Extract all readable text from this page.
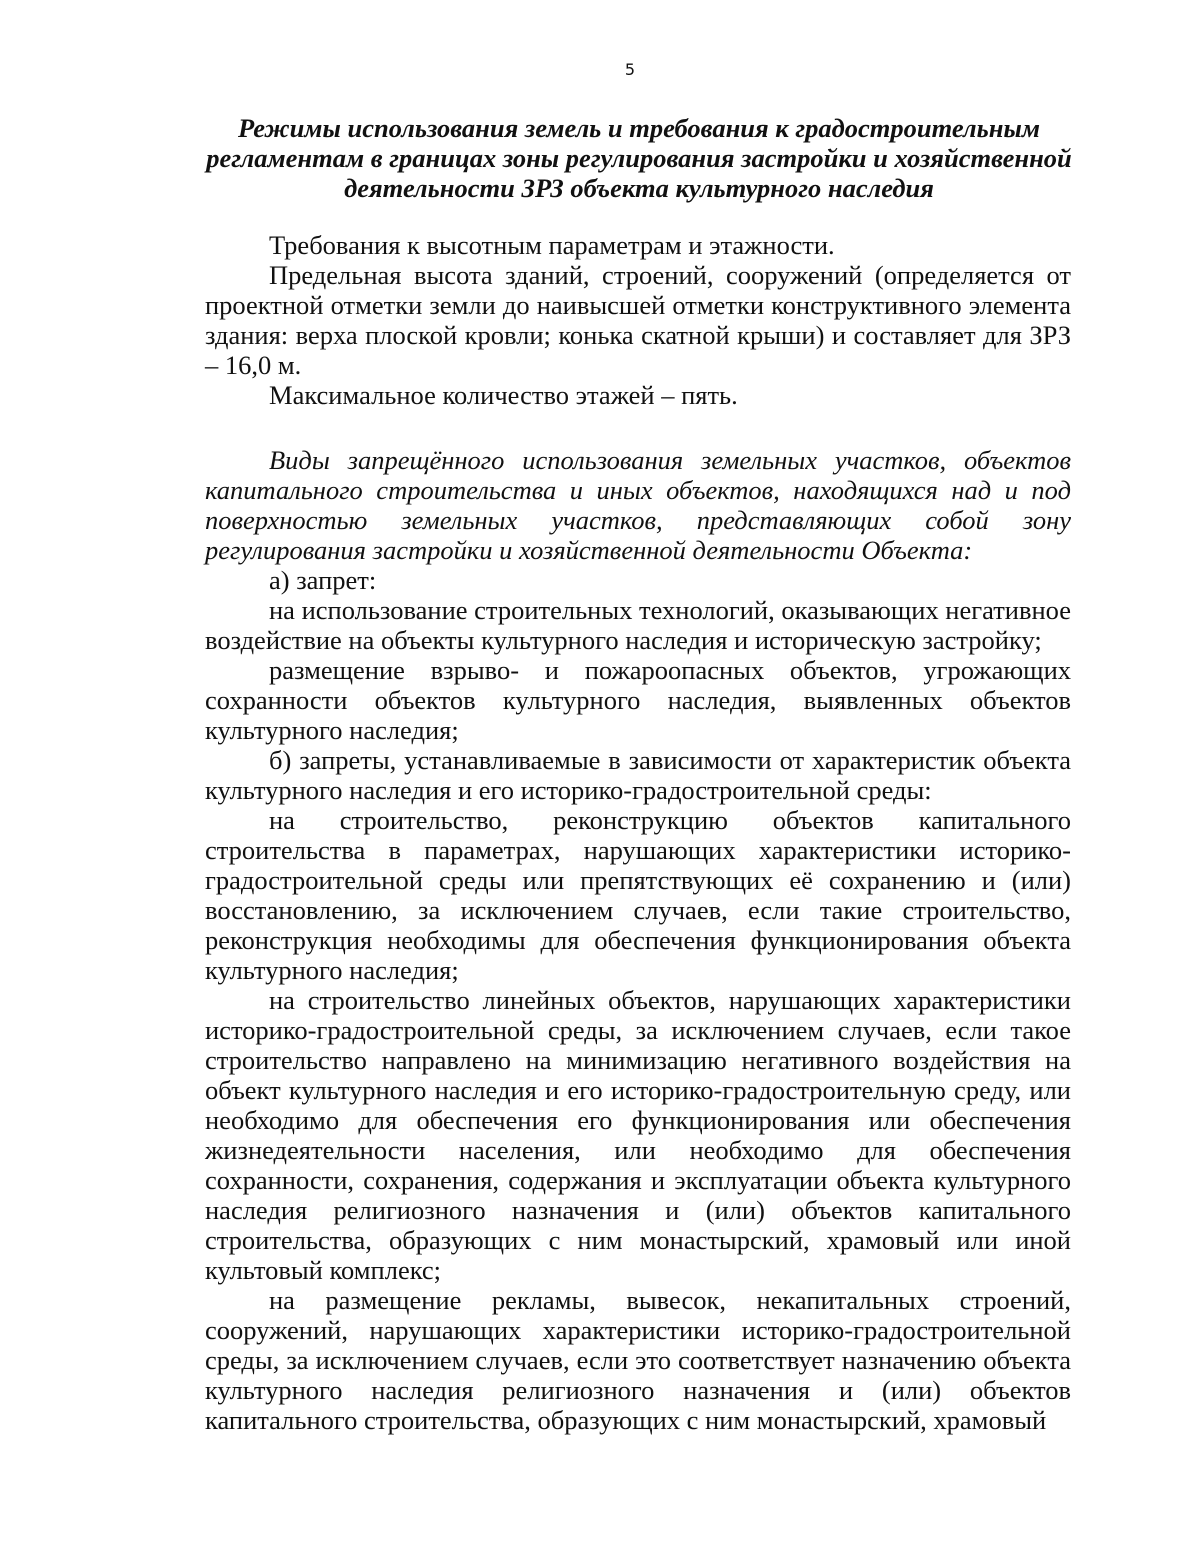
5
Режимы использования земель и требования к градостроительным
регламентам в границах зоны регулирования застройки и хозяйственной
деятельности ЗРЗ объекта культурного наследия

Требования к высотным параметрам и этажности.

Предельная высота зданий, строений, сооружений (определяется от проектной отметки земли до наивысшей отметки конструктивного элемента здания: верха плоской кровли; конька скатной крыши) и составляет для ЗРЗ – 16,0 м.

Максимальное количество этажей – пять.

Виды запрещённого использования земельных участков, объектов капитального строительства и иных объектов, находящихся над и под поверхностью земельных участков, представляющих собой зону регулирования застройки и хозяйственной деятельности Объекта:

а) запрет:

на использование строительных технологий, оказывающих негативное воздействие на объекты культурного наследия и историческую застройку;

размещение взрыво- и пожароопасных объектов, угрожающих сохранности объектов культурного наследия, выявленных объектов культурного наследия;

б) запреты, устанавливаемые в зависимости от характеристик объекта культурного наследия и его историко-градостроительной среды:

на строительство, реконструкцию объектов капитального строительства в параметрах, нарушающих характеристики историко-градостроительной среды или препятствующих её сохранению и (или) восстановлению, за исключением случаев, если такие строительство, реконструкция необходимы для обеспечения функционирования объекта культурного наследия;

на строительство линейных объектов, нарушающих характеристики историко-градостроительной среды, за исключением случаев, если такое строительство направлено на минимизацию негативного воздействия на объект культурного наследия и его историко-градостроительную среду, или необходимо для обеспечения его функционирования или обеспечения жизнедеятельности населения, или необходимо для обеспечения сохранности, сохранения, содержания и эксплуатации объекта культурного наследия религиозного назначения и (или) объектов капитального строительства, образующих с ним монастырский, храмовый или иной культовый комплекс;

на размещение рекламы, вывесок, некапитальных строений, сооружений, нарушающих характеристики историко-градостроительной среды, за исключением случаев, если это соответствует назначению объекта культурного наследия религиозного назначения и (или) объектов капитального строительства, образующих с ним монастырский, храмовый
